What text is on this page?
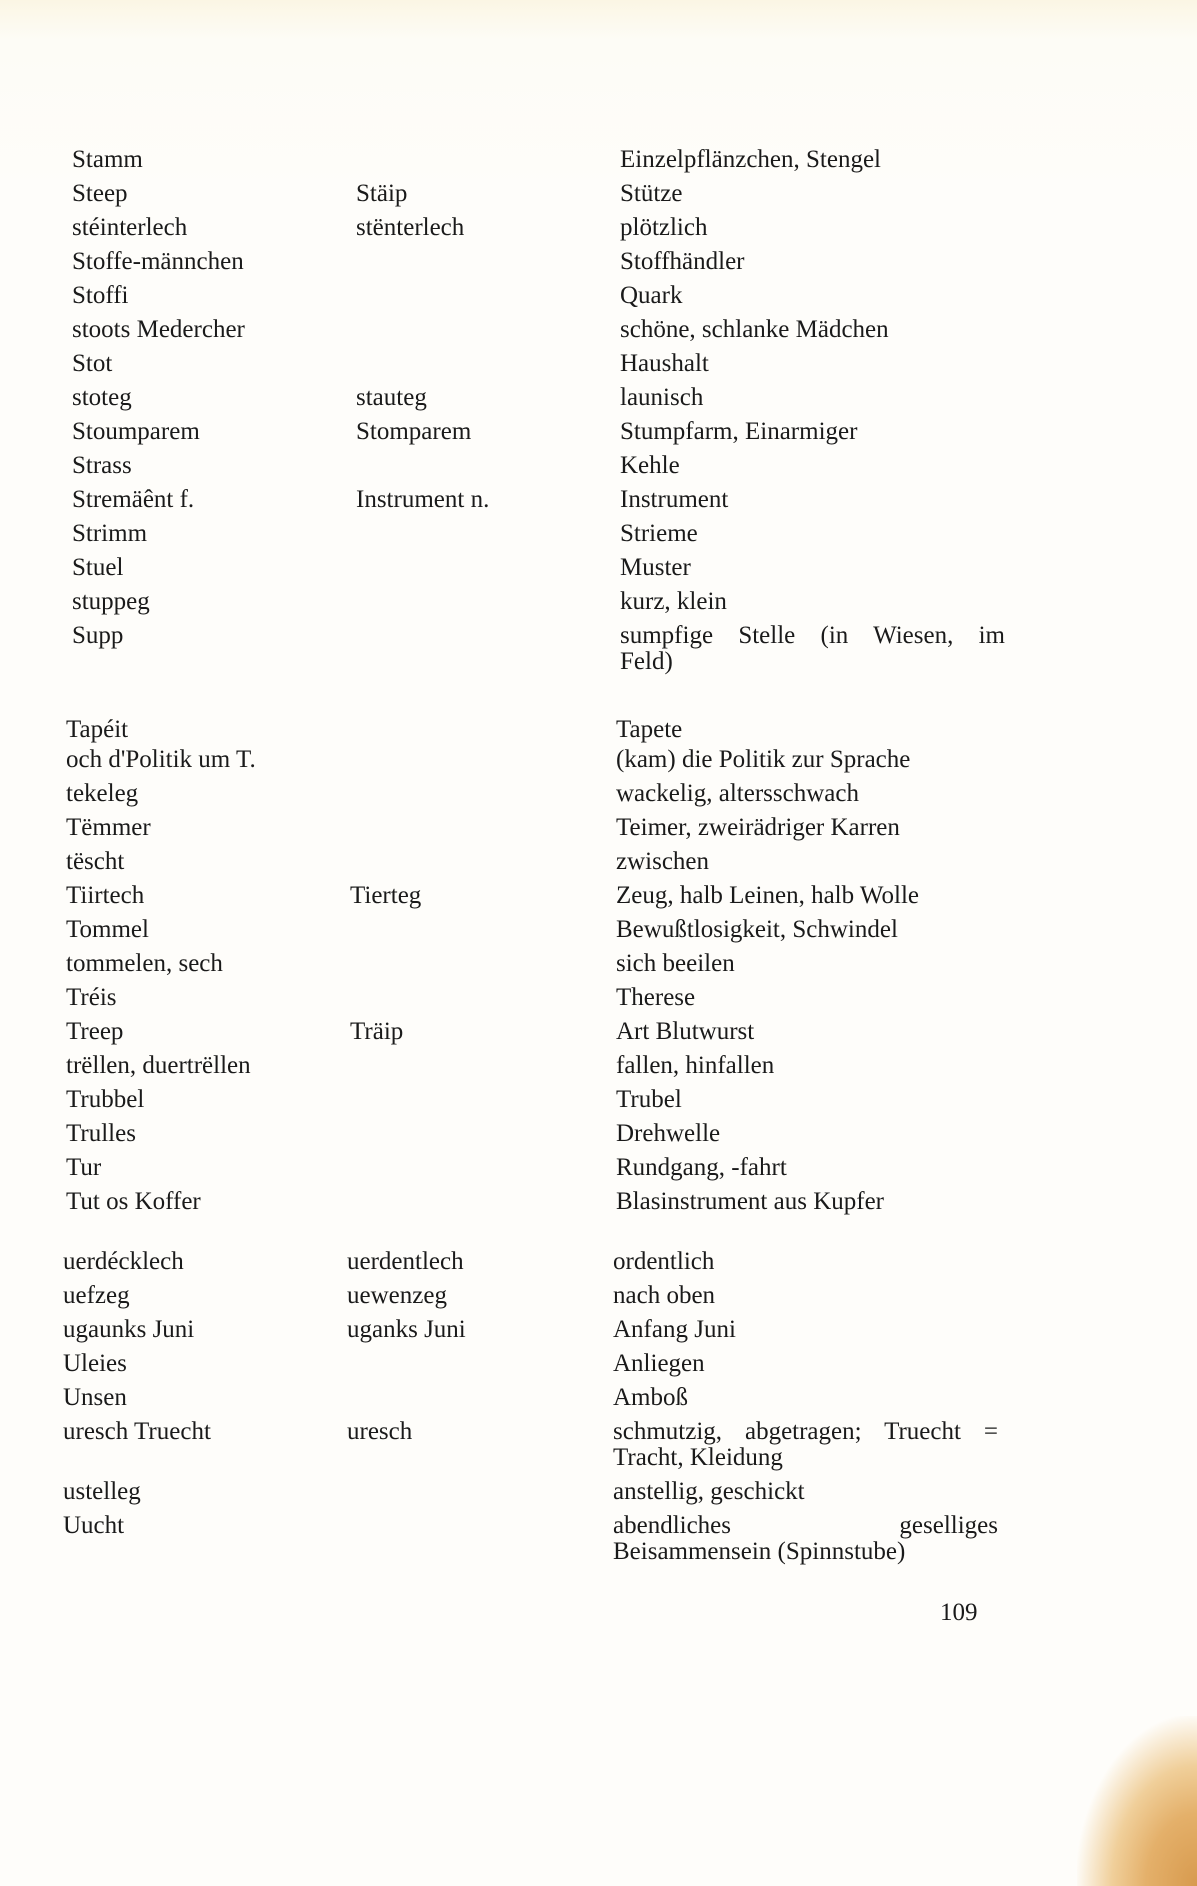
Stamm	Einzelpflänzchen, Stengel
Steep	Stäip	Stütze
stéinterlech	stënterlech	plötzlich
Stoffe-männchen	Stoffhändler
Stoffi	Quark
stoots Medercher	schöne, schlanke Mädchen
Stot	Haushalt
stoteg	stauteg	launisch
Stoumparem	Stomparem	Stumpfarm, Einarmiger
Strass	Kehle
Stremäênt f.	Instrument n.	Instrument
Strimm	Strieme
Stuel	Muster
stuppeg	kurz, klein
Supp	sumpfige Stelle (in Wiesen, im
Feld)
Tapéit	Tapete
och d'Politik um T.	(kam) die Politik zur Sprache
tekeleg	wackelig, altersschwach
Tëmmer	Teimer, zweirädriger Karren
tëscht	zwischen
Tiirtech	Tierteg	Zeug, halb Leinen, halb Wolle
Tommel	Bewußtlosigkeit, Schwindel
tommelen, sech	sich beeilen
Tréis	Therese
Treep	Träip	Art Blutwurst
trëllen, duertrëllen	fallen, hinfallen
Trubbel	Trubel
Trulles	Drehwelle
Tur	Rundgang, -fahrt
Tut os Koffer	Blasinstrument aus Kupfer
uerdécklech	uerdentlech	ordentlich
uefzeg	uewenzeg	nach oben
ugaunks Juni	uganks Juni	Anfang Juni
Uleies	Anliegen
Unsen	Amboß
uresch Truecht	uresch	schmutzig, abgetragen; Truecht =
Tracht, Kleidung
ustelleg	anstellig, geschickt
Uucht	abendliches geselliges
Beisammensein (Spinnstube)
109
